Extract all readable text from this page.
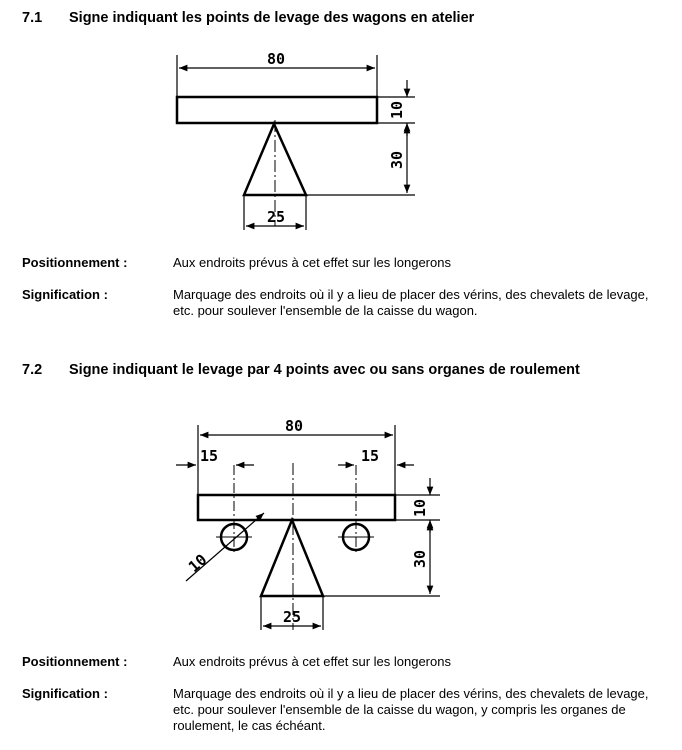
7.1 Signe indiquant les points de levage des wagons en atelier
80
10
30
25
80
15	15
10
30
25
10
Positionnement :	Aux endroits prévus à cet effet sur les longerons
Signification :	Marquage des endroits où il y a lieu de placer des vérins, des chevalets de levage, etc. pour soulever l'ensemble de la caisse du wagon.
7.2 Signe indiquant le levage par 4 points avec ou sans organes de roulement
Positionnement :	Aux endroits prévus à cet effet sur les longerons
Signification :	Marquage des endroits où il y a lieu de placer des vérins, des chevalets de levage, etc. pour soulever l'ensemble de la caisse du wagon, y compris les organes de roulement, le cas échéant.
